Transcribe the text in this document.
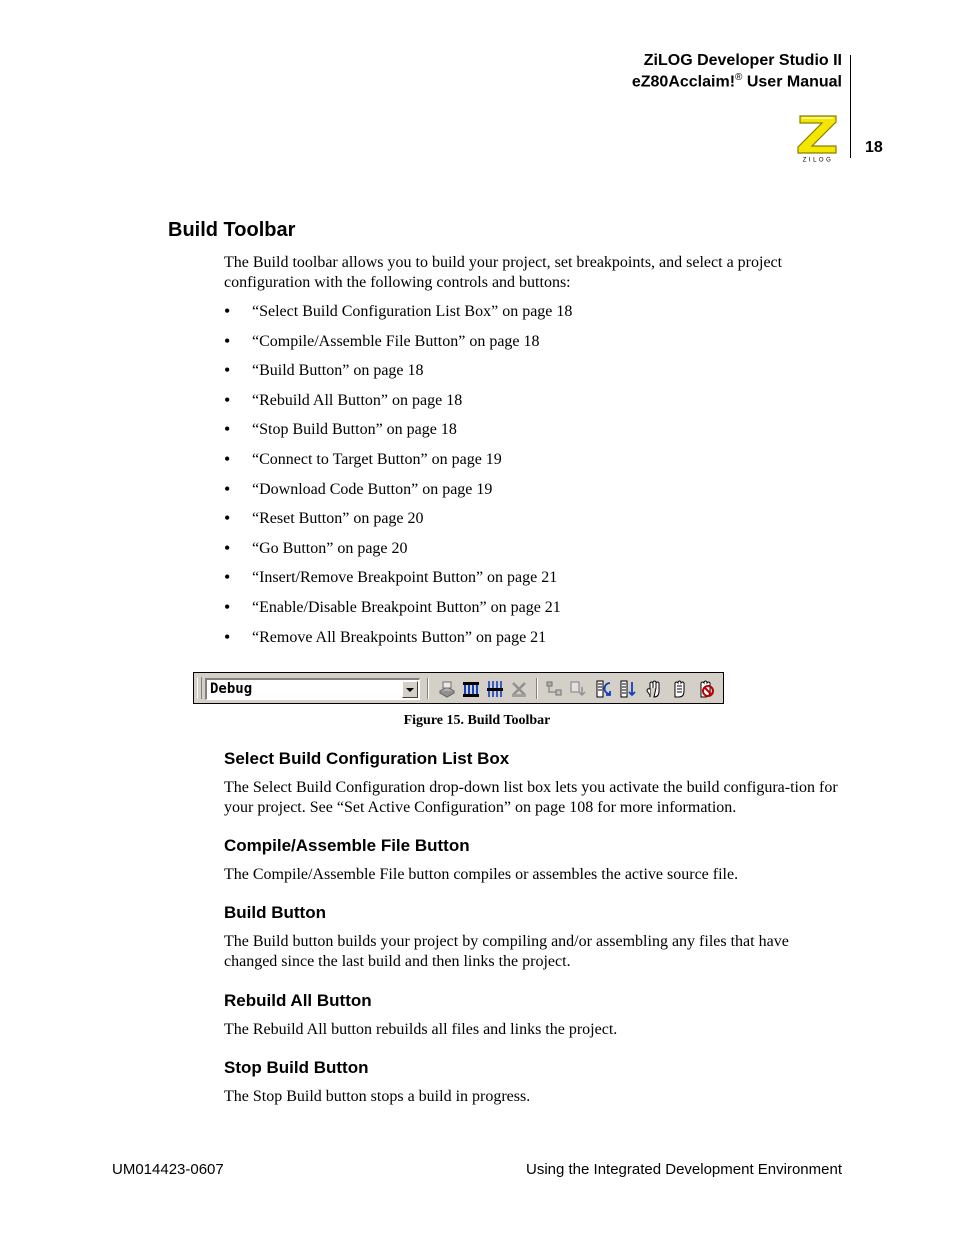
ZiLOG Developer Studio II
eZ80Acclaim!® User Manual
18
ZILOG
Build Toolbar

The Build toolbar allows you to build your project, set breakpoints, and select a project configuration with the following controls and buttons:

• “Select Build Configuration List Box” on page 18
• “Compile/Assemble File Button” on page 18
• “Build Button” on page 18
• “Rebuild All Button” on page 18
• “Stop Build Button” on page 18
• “Connect to Target Button” on page 19
• “Download Code Button” on page 19
• “Reset Button” on page 20
• “Go Button” on page 20
• “Insert/Remove Breakpoint Button” on page 21
• “Enable/Disable Breakpoint Button” on page 21
• “Remove All Breakpoints Button” on page 21
Debug
Figure 15. Build Toolbar
Select Build Configuration List Box

The Select Build Configuration drop-down list box lets you activate the build configura-tion for your project. See “Set Active Configuration” on page 108 for more information.

Compile/Assemble File Button

The Compile/Assemble File button compiles or assembles the active source file.

Build Button

The Build button builds your project by compiling and/or assembling any files that have changed since the last build and then links the project.

Rebuild All Button

The Rebuild All button rebuilds all files and links the project.

Stop Build Button

The Stop Build button stops a build in progress.

UM014423-0607	Using the Integrated Development Environment
